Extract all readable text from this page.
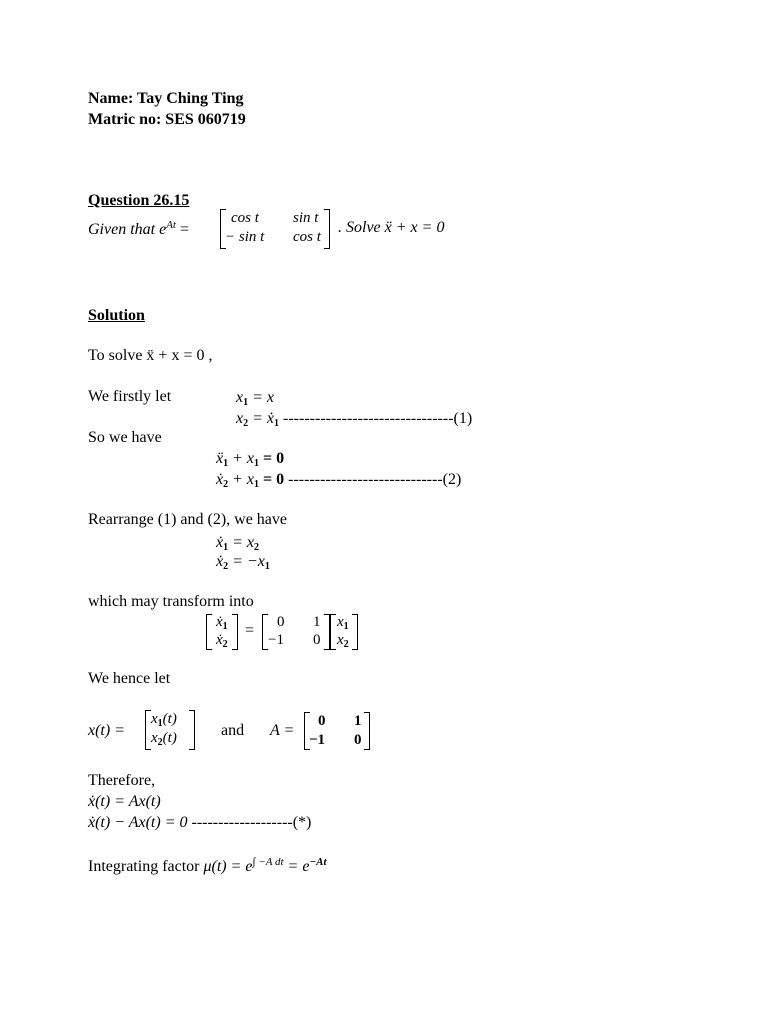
Name: Tay Ching Ting
Matric no: SES 060719
Question 26.15
Given that $e^{At}$ =
cos t sin t
− sin t cos t
. Solve ẍ + x = 0
Solution
To solve ẍ + x = 0 ,
We firstly let	$x_1 = x$
$x_2$ = ẋ$_1$ --------------------------------(1)
So we have
ẍ$_1$ + $x_1 = 0$
ẋ$_2$ + $x_1 = 0$ -----------------------------(2)
Rearrange (1) and (2), we have
ẋ$_1$ = $x_2$
ẋ$_2$ = $-x_1$
which may transform into
ẋ$_1$
ẋ$_2$
= 0 1
−1 0
$x_1$
$x_2$
We hence let
x(t) =
$x_1(t)$
$x_2(t)$	and A =
0 1
−1 0
Therefore,
ẋ(t) = Ax(t)
ẋ(t) − Ax(t) = 0 -------------------(*)
Integrating factor $\mu(t) = e^{\int -A dt} = e^{-At}$
